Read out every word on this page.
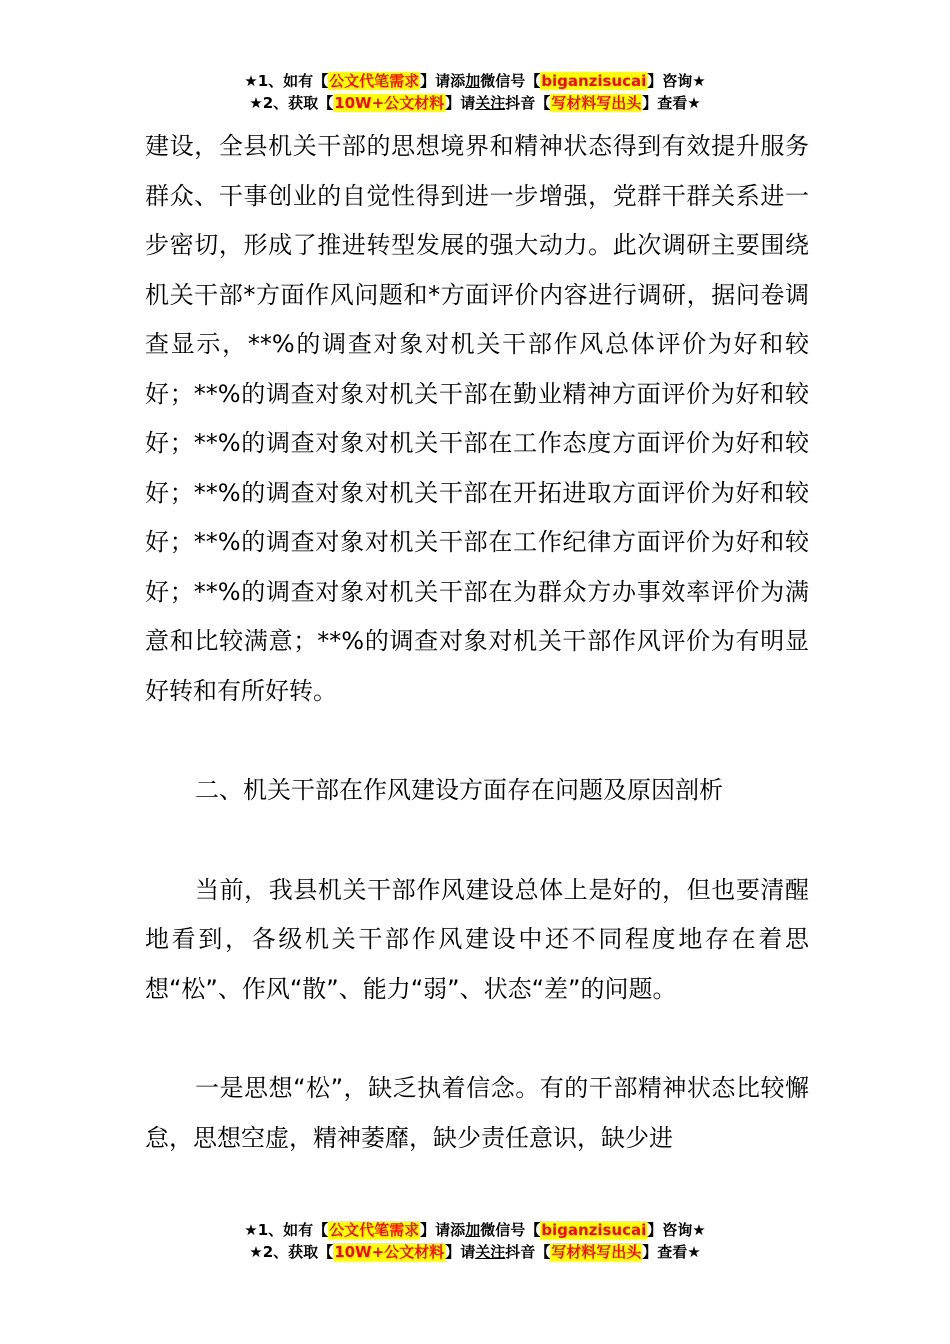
★1、如有【公文代笔需求】请添加微信号【biganzisucai】咨询★
★2、获取【10W+公文材料】请关注抖音【写材料写出头】查看★

建设，全县机关干部的思想境界和精神状态得到有效提升服务群众、干事创业的自觉性得到进一步增强，党群干群关系进一步密切，形成了推进转型发展的强大动力。此次调研主要围绕机关干部*方面作风问题和*方面评价内容进行调研，据问卷调查显示，**%的调查对象对机关干部作风总体评价为好和较好；**%的调查对象对机关干部在勤业精神方面评价为好和较好；**%的调查对象对机关干部在工作态度方面评价为好和较好；**%的调查对象对机关干部在开拓进取方面评价为好和较好；**%的调查对象对机关干部在工作纪律方面评价为好和较好；**%的调查对象对机关干部在为群众方办事效率评价为满意和比较满意；**%的调查对象对机关干部作风评价为有明显好转和有所好转。

二、机关干部在作风建设方面存在问题及原因剖析

当前，我县机关干部作风建设总体上是好的，但也要清醒地看到，各级机关干部作风建设中还不同程度地存在着思想“松”、作风“散”、能力“弱”、状态“差”的问题。

一是思想“松”，缺乏执着信念。有的干部精神状态比较懈怠，思想空虚，精神萎靡，缺少责任意识，缺少进

★1、如有【公文代笔需求】请添加微信号【biganzisucai】咨询★
★2、获取【10W+公文材料】请关注抖音【写材料写出头】查看★
